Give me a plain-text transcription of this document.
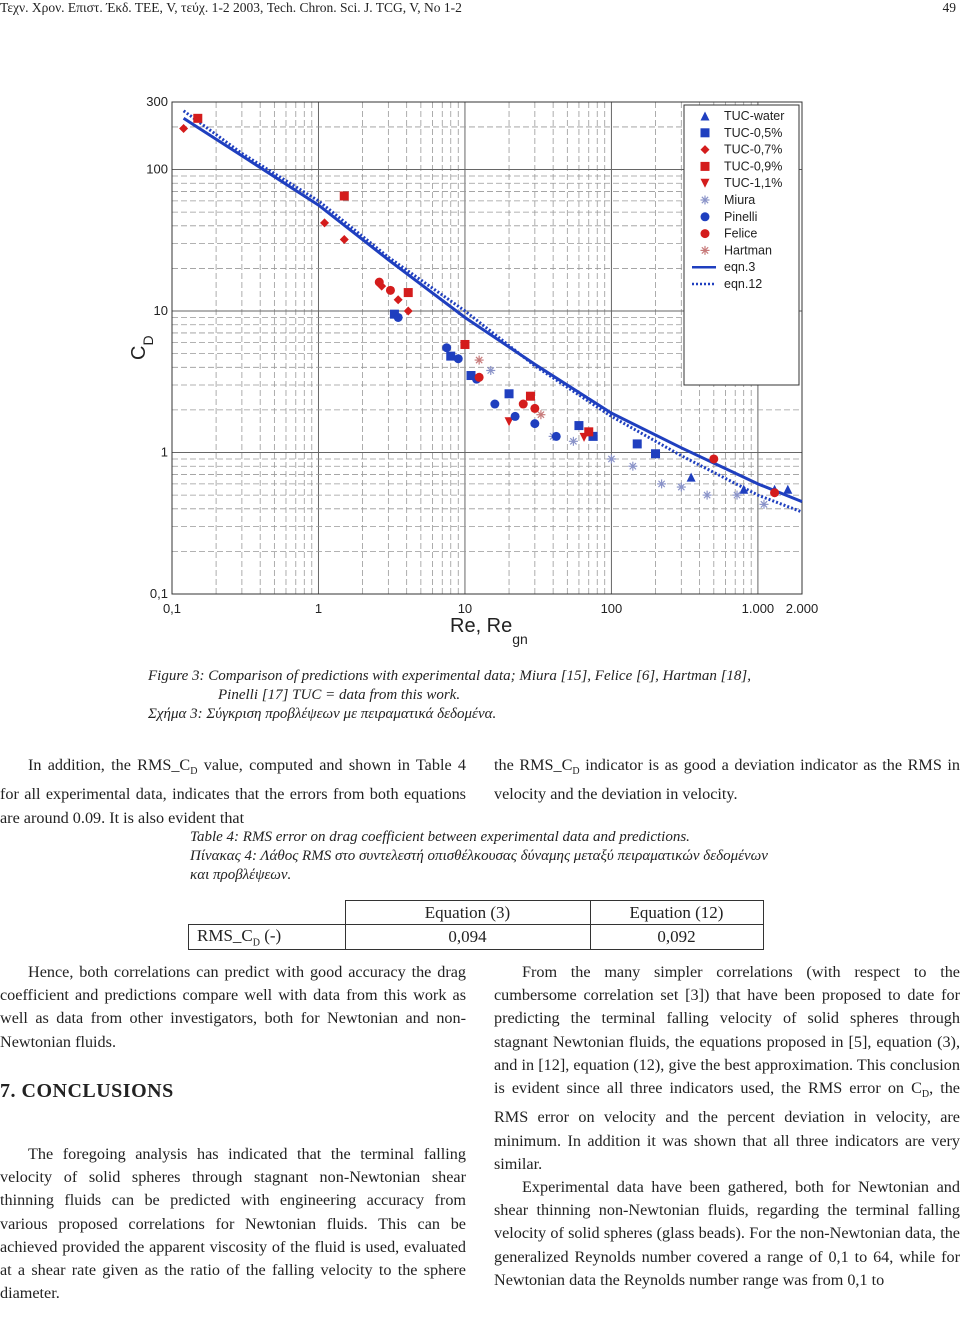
Τεχν. Χρον. Επιστ. Έκδ. ΤΕΕ, V, τεύχ. 1-2 2003, Tech. Chron. Sci. J. TCG, V, No 1-2	49
0,1	1	10	100	1.000 2.000
0,1
1
10
100
300
TUC-water
TUC-0,5%
TUC-0,7%
TUC-0,9%
TUC-1,1%
Miura
Pinelli
Felice
Hartman
eqn.3
eqn.12
Re, $Re_{gn}$
$C_D$
Figure 3: Comparison of predictions with experimental data; Miura [15], Felice [6], Hartman [18],
Pinelli [17] TUC = data from this work.
Σχήμα 3: Σύγκριση προβλέψεων με πειραματικά δεδομένα.

In addition, the $RMS\_C_D$ value, computed and shown in Table 4 for all experimental data, indicates that the errors from both equations are around 0.09. It is also evident that

the $RMS\_C_D$ indicator is as good a deviation indicator as the RMS in velocity and the deviation in velocity.

Table 4: RMS error on drag coefficient between experimental data and predictions.
Πίνακας 4: Λάθος RMS στο συντελεστή οπισθέλκουσας δύναμης μεταξύ πειραματικών δεδομένων
και προβλέψεων.
	Equation (3)	Equation (12)
$RMS\_C_D$ (-)	0,094	0,092

Hence, both correlations can predict with good accuracy the drag coefficient and predictions compare well with data from this work as well as data from other investigators, both for Newtonian and non- Newtonian fluids.

7. CONCLUSIONS

The foregoing analysis has indicated that the terminal falling velocity of solid spheres through stagnant non-Newtonian shear thinning fluids can be predicted with engineering accuracy from various proposed correlations for Newtonian fluids. This can be achieved provided the apparent viscosity of the fluid is used, evaluated at a shear rate given as the ratio of the falling velocity to the sphere diameter.

From the many simpler correlations (with respect to the cumbersome correlation set [3]) that have been proposed to date for predicting the terminal falling velocity of solid spheres through stagnant Newtonian fluids, the equations proposed in [5], equation (3), and in [12], equation (12), give the best approximation. This conclusion is evident since all three indicators used, the RMS error on $C_D$, the RMS error on velocity and the percent deviation in velocity, are minimum. In addition it was shown that all three indicators are very similar.

Experimental data have been gathered, both for Newtonian and shear thinning non-Newtonian fluids, regarding the terminal falling velocity of solid spheres (glass beads). For the non-Newtonian data, the generalized Reynolds number covered a range of 0,1 to 64, while for Newtonian data the Reynolds number range was from 0,1 to
